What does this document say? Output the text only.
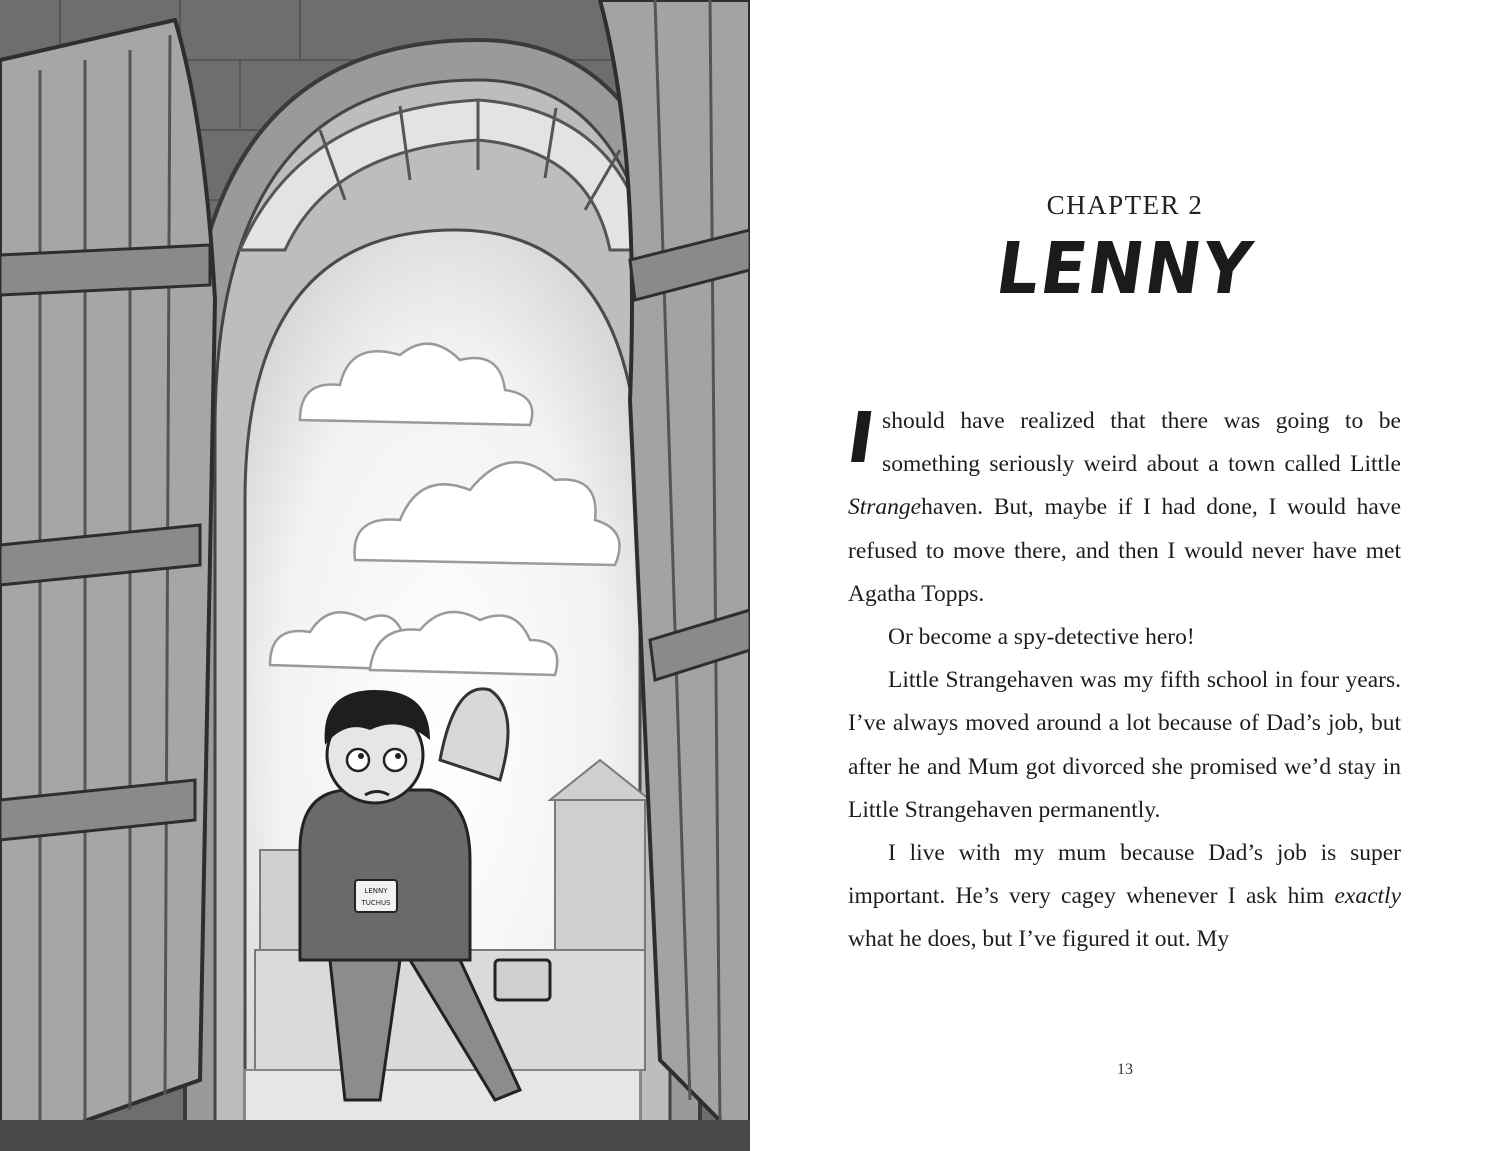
LENNY
TUCHUS
CHAPTER 2
LENNY

Ishould have realized that there was going to be something seriously weird about a town called Little Strangehaven. But, maybe if I had done, I would have refused to move there, and then I would never have met Agatha Topps.

Or become a spy-detective hero!

Little Strangehaven was my fifth school in four years. I’ve always moved around a lot because of Dad’s job, but after he and Mum got divorced she promised we’d stay in Little Strangehaven permanently.

I live with my mum because Dad’s job is super important. He’s very cagey whenever I ask him exactly what he does, but I’ve figured it out. My

13
